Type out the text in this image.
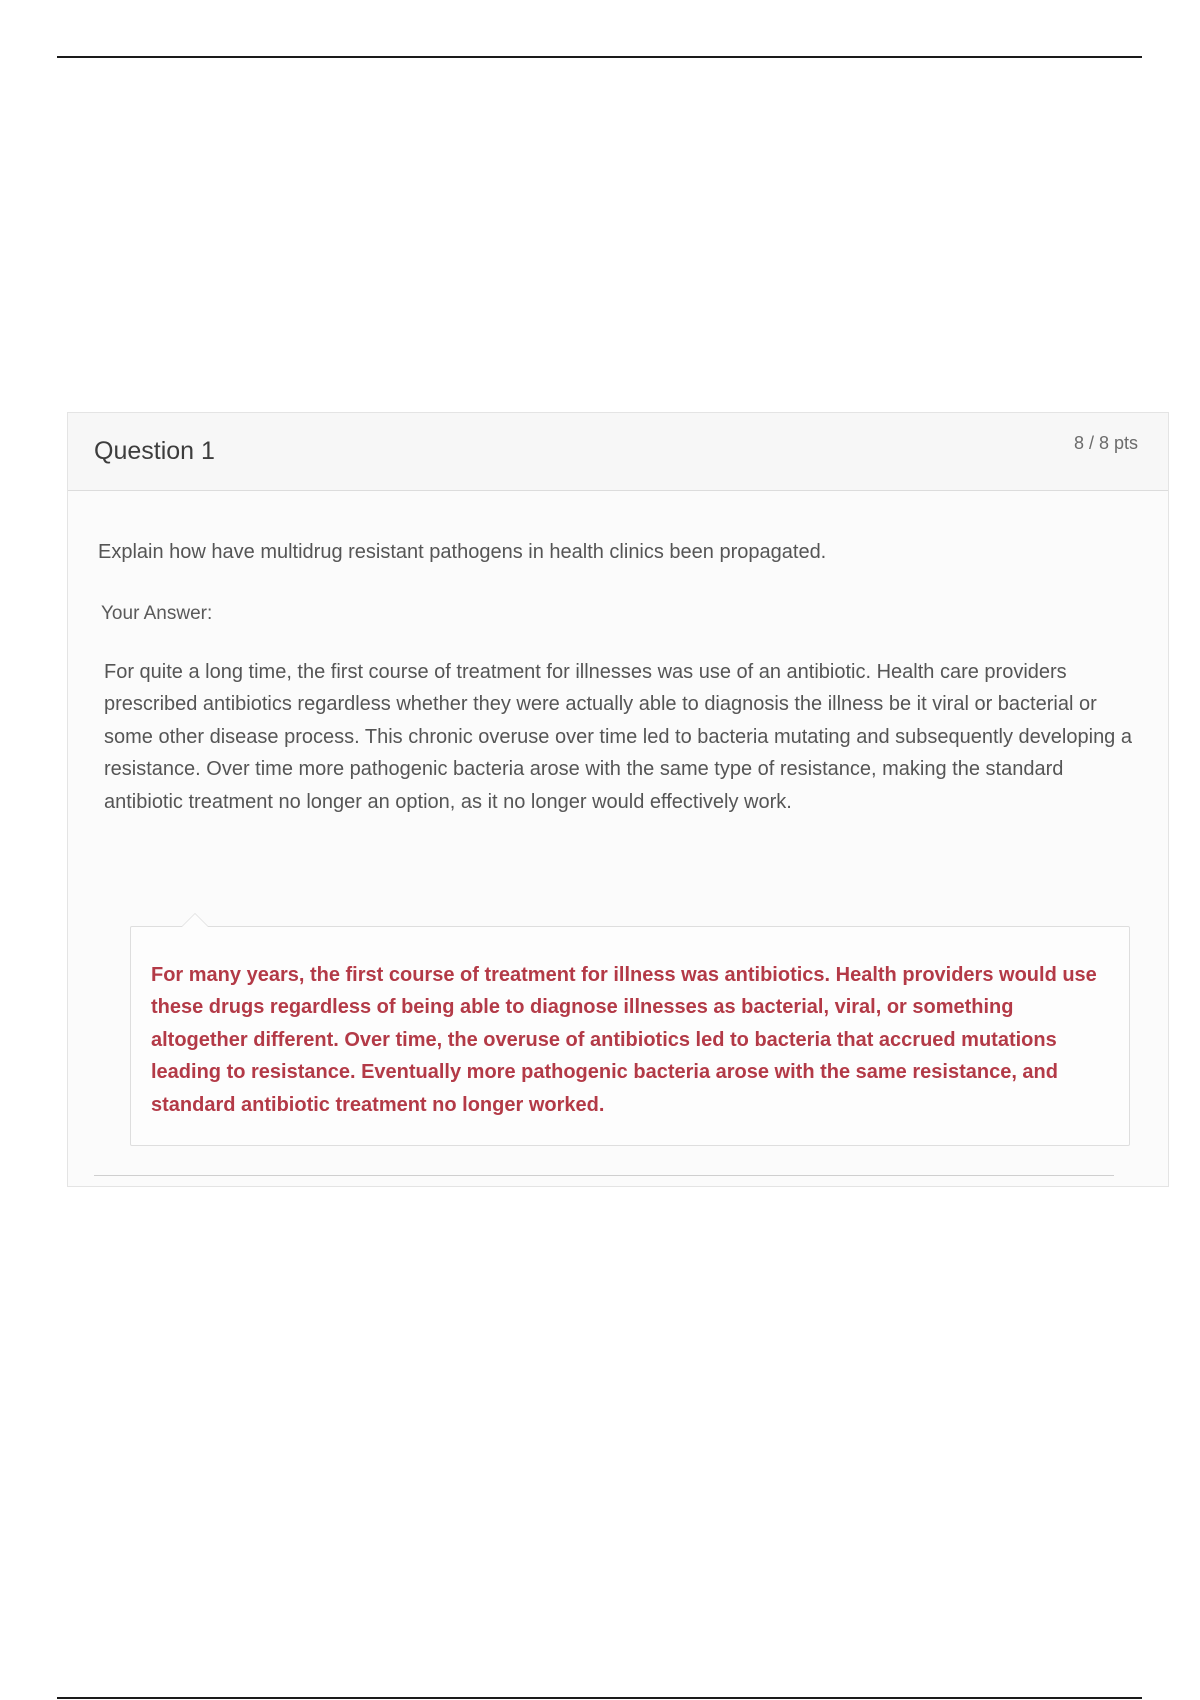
Question 1	8 / 8 pts
Explain how have multidrug resistant pathogens in health clinics been propagated.
Your Answer:
For quite a long time, the first course of treatment for illnesses was use of an antibiotic. Health care providers prescribed antibiotics regardless whether they were actually able to diagnosis the illness be it viral or bacterial or some other disease process. This chronic overuse over time led to bacteria mutating and subsequently developing a resistance. Over time more pathogenic bacteria arose with the same type of resistance, making the standard antibiotic treatment no longer an option, as it no longer would effectively work.
For many years, the first course of treatment for illness was antibiotics. Health providers would use these drugs regardless of being able to diagnose illnesses as bacterial, viral, or something altogether different. Over time, the overuse of antibiotics led to bacteria that accrued mutations leading to resistance. Eventually more pathogenic bacteria arose with the same resistance, and standard antibiotic treatment no longer worked.
